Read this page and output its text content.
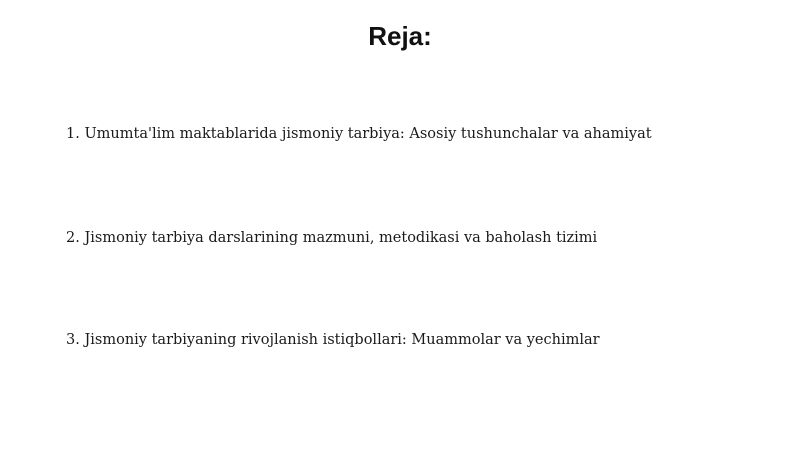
Reja:
1. Umumta'lim maktablarida jismoniy tarbiya: Asosiy tushunchalar va ahamiyat
2. Jismoniy tarbiya darslarining mazmuni, metodikasi va baholash tizimi
3. Jismoniy tarbiyaning rivojlanish istiqbollari: Muammolar va yechimlar
